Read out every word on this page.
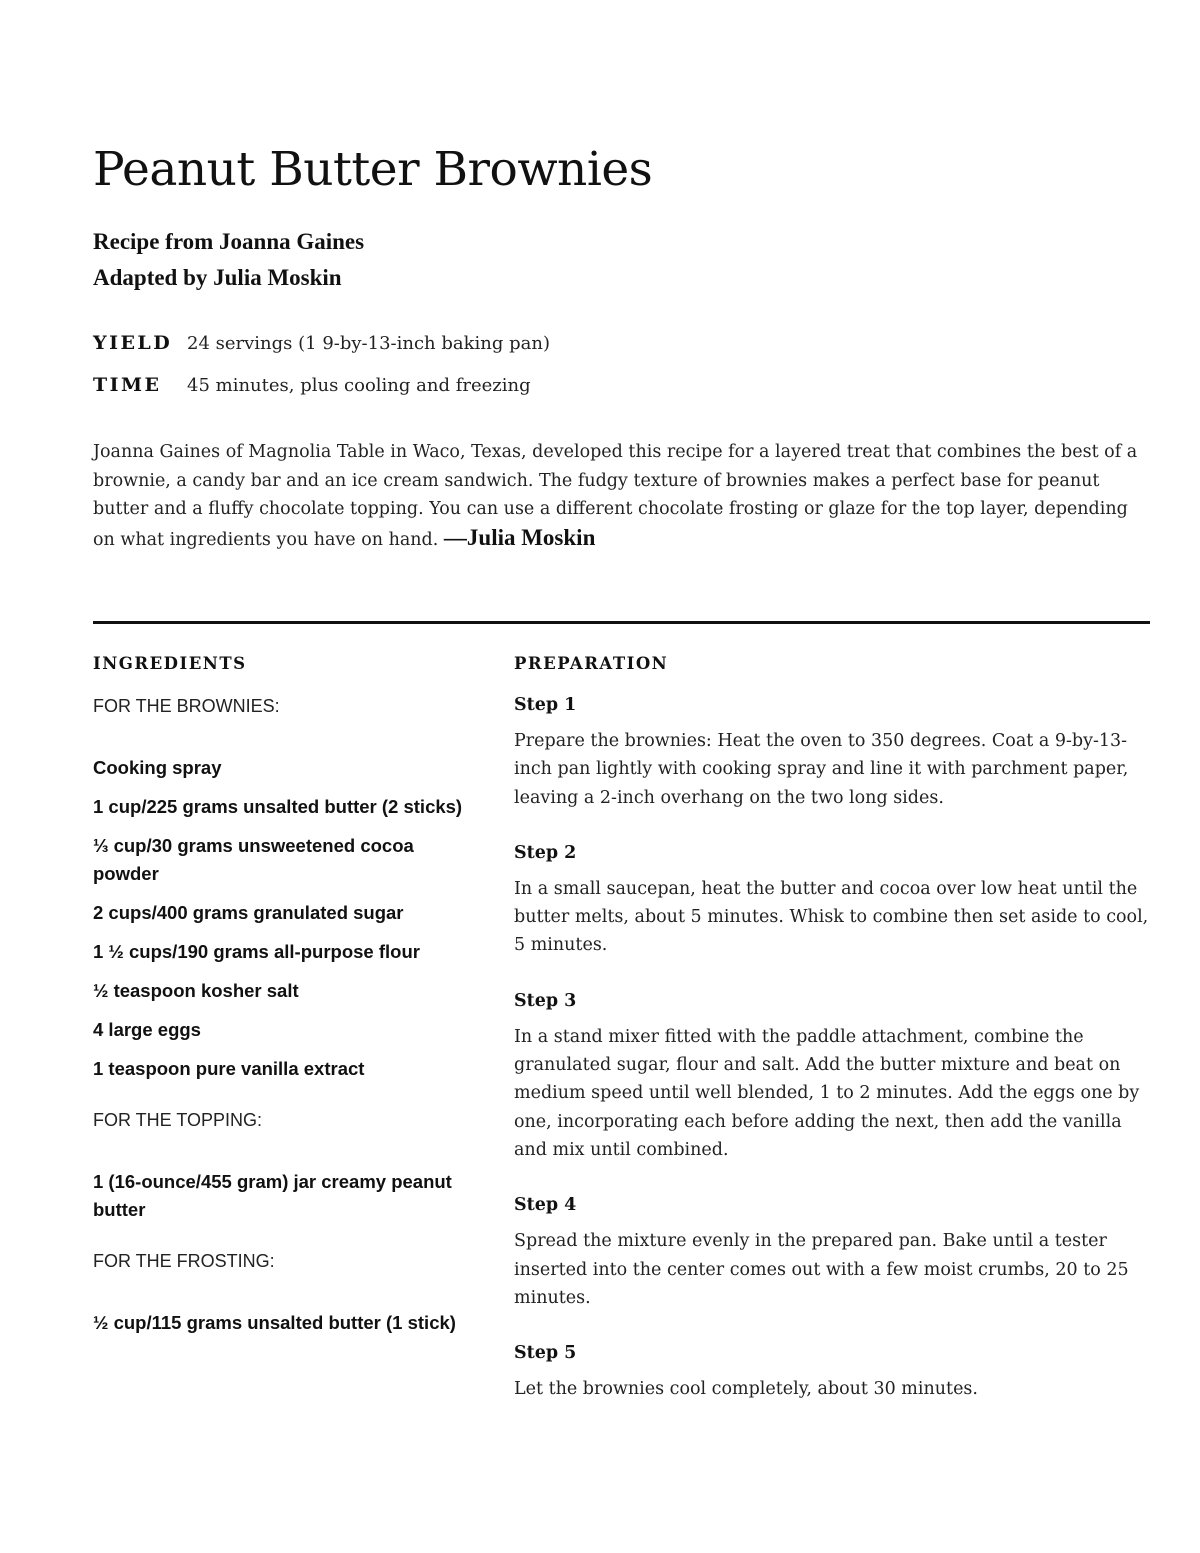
Peanut Butter Brownies
Recipe from Joanna Gaines
Adapted by Julia Moskin
YIELD 24 servings (1 9-by-13-inch baking pan)
TIME	45 minutes, plus cooling and freezing

Joanna Gaines of Magnolia Table in Waco, Texas, developed this recipe for a layered treat that combines the best of a brownie, a candy bar and an ice cream sandwich. The fudgy texture of brownies makes a perfect base for peanut butter and a fluffy chocolate topping. You can use a different chocolate frosting or glaze for the top layer, depending on what ingredients you have on hand. —Julia Moskin

INGREDIENTS

FOR THE BROWNIES:

Cooking spray
1 cup/225 grams unsalted butter (2 sticks)
⅓ cup/30 grams unsweetened cocoa powder
2 cups/400 grams granulated sugar
1 ½ cups/190 grams all-purpose flour
½ teaspoon kosher salt
4 large eggs
1 teaspoon pure vanilla extract

FOR THE TOPPING:

1 (16-ounce/455 gram) jar creamy peanut butter

FOR THE FROSTING:

½ cup/115 grams unsalted butter (1 stick)
PREPARATION

Step 1

Prepare the brownies: Heat the oven to 350 degrees. Coat a 9-by-13-inch pan lightly with cooking spray and line it with parchment paper, leaving a 2-inch overhang on the two long sides.

Step 2

In a small saucepan, heat the butter and cocoa over low heat until the butter melts, about 5 minutes. Whisk to combine then set aside to cool, 5 minutes.

Step 3

In a stand mixer fitted with the paddle attachment, combine the granulated sugar, flour and salt. Add the butter mixture and beat on medium speed until well blended, 1 to 2 minutes. Add the eggs one by one, incorporating each before adding the next, then add the vanilla and mix until combined.

Step 4

Spread the mixture evenly in the prepared pan. Bake until a tester inserted into the center comes out with a few moist crumbs, 20 to 25 minutes.

Step 5

Let the brownies cool completely, about 30 minutes.
